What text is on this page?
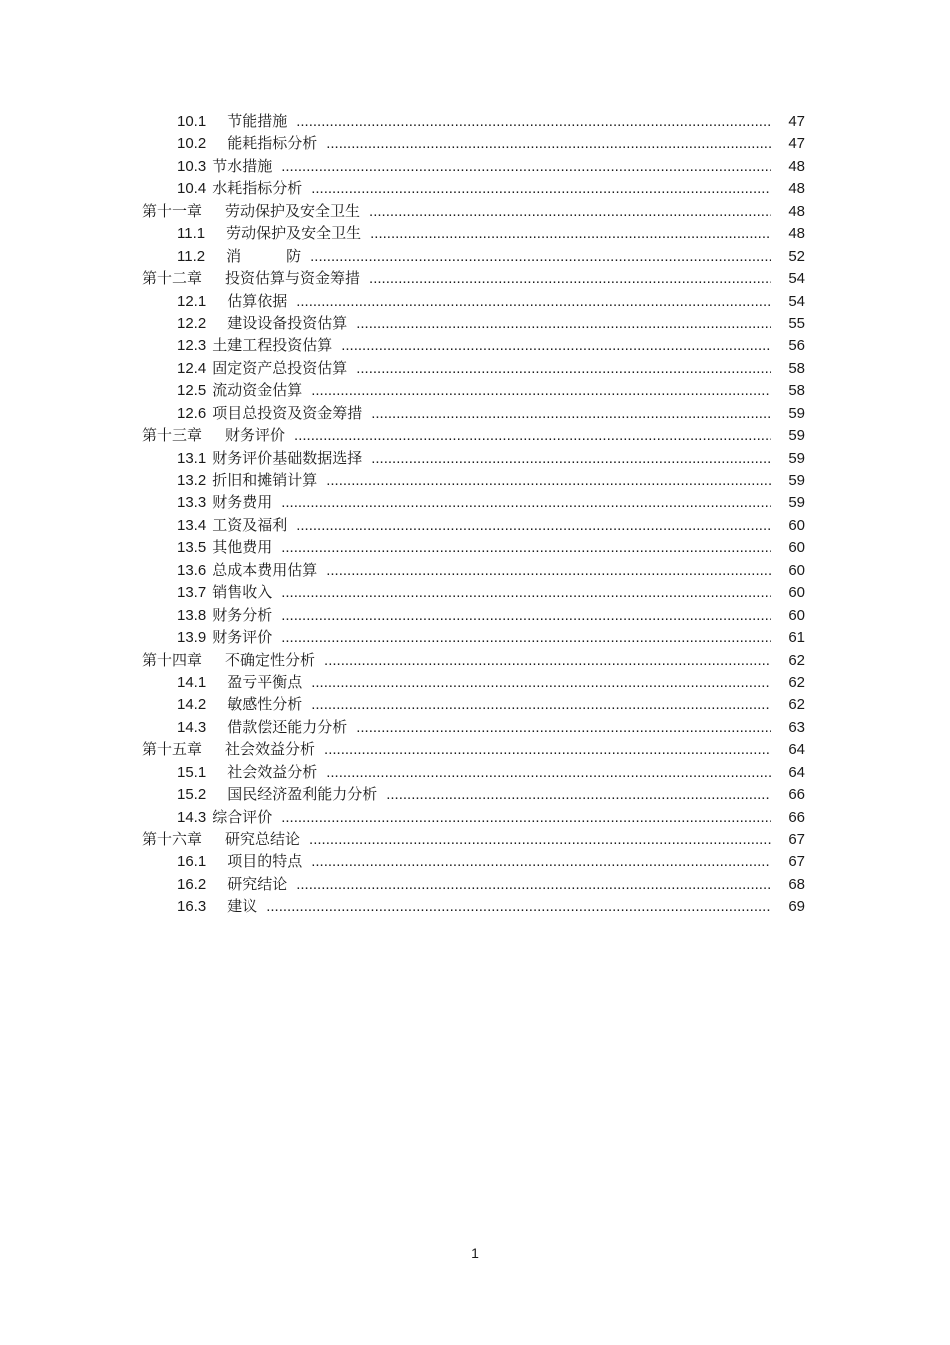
10.1 节能措施 .....	47
10.2 能耗指标分析 .....	47
10.3 节水措施 .....	48
10.4 水耗指标分析 .....	48
第十一章 劳动保护及安全卫生 .....	48
11.1 劳动保护及安全卫生 .....	48
11.2 消　　　防 .....	52
第十二章 投资估算与资金筹措 .....	54
12.1 估算依据 .....	54
12.2 建设设备投资估算 .....	55
12.3 土建工程投资估算 .....	56
12.4 固定资产总投资估算 .....	58
12.5 流动资金估算 .....	58
12.6 项目总投资及资金筹措 .....	59
第十三章 财务评价 .....	59
13.1 财务评价基础数据选择 .....	59
13.2 折旧和摊销计算 .....	59
13.3 财务费用 .....	59
13.4 工资及福利 .....	60
13.5 其他费用 .....	60
13.6 总成本费用估算 .....	60
13.7 销售收入 .....	60
13.8 财务分析 .....	60
13.9 财务评价 .....	61
第十四章 不确定性分析 .....	62
14.1 盈亏平衡点 .....	62
14.2 敏感性分析 .....	62
14.3 借款偿还能力分析 .....	63
第十五章 社会效益分析 .....	64
15.1 社会效益分析 .....	64
15.2 国民经济盈利能力分析 .....	66
14.3 综合评价 .....	66
第十六章 研究总结论 .....	67
16.1 项目的特点 .....	67
16.2 研究结论 .....	68
16.3 建议 .....	69
1
